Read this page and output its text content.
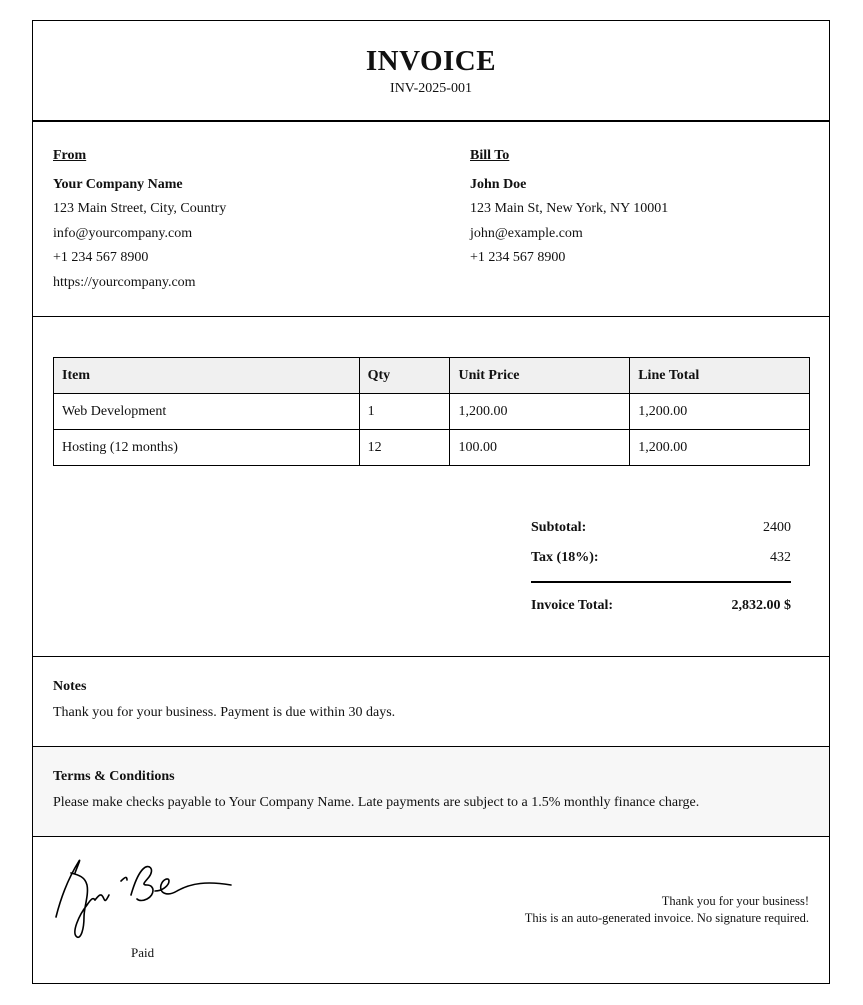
INVOICE
INV-2025-001
From
Your Company Name
123 Main Street, City, Country
info@yourcompany.com
+1 234 567 8900
https://yourcompany.com
Bill To
John Doe
123 Main St, New York, NY 10001
john@example.com
+1 234 567 8900
Item	Qty	Unit Price	Line Total
Web Development	1	1,200.00	1,200.00
Hosting (12 months)	12	100.00	1,200.00
Subtotal:	2400
Tax (18%):	432
Invoice Total:	2,832.00 $
Notes
Thank you for your business. Payment is due within 30 days.
Terms & Conditions
Please make checks payable to Your Company Name. Late payments are subject to a 1.5% monthly finance charge.
Paid
Thank you for your business!
This is an auto-generated invoice. No signature required.
